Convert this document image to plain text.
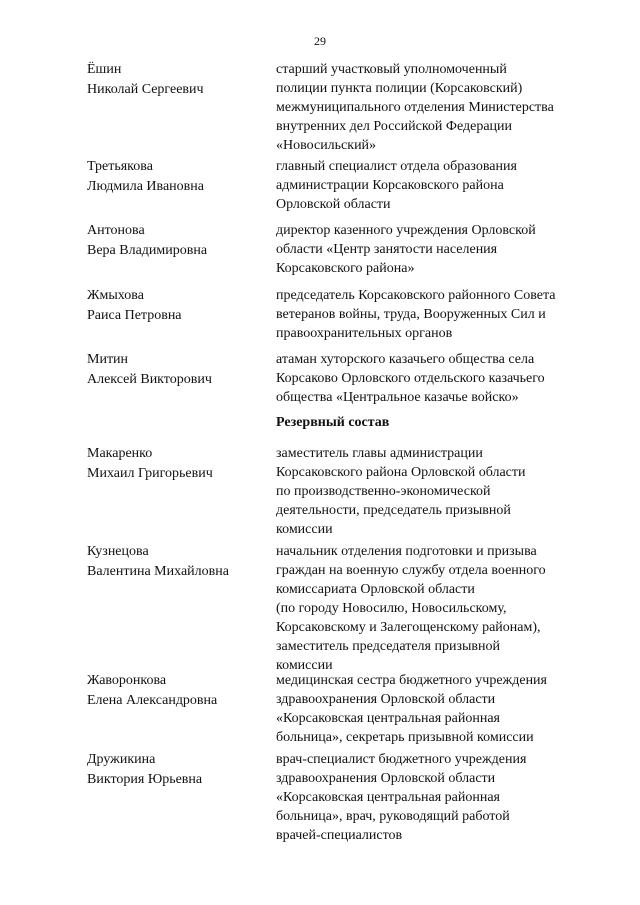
29
Ёшин
Николай Сергеевич
старший участковый уполномоченный
полиции пункта полиции (Корсаковский)
межмуниципального отделения Министерства
внутренних дел Российской Федерации
«Новосильский»
Третьякова
Людмила Ивановна
главный специалист отдела образования
администрации Корсаковского района
Орловской области
Антонова
Вера Владимировна
директор казенного учреждения Орловской
области «Центр занятости населения
Корсаковского района»
Жмыхова
Раиса Петровна
председатель Корсаковского районного Совета
ветеранов войны, труда, Вооруженных Сил и
правоохранительных органов
Митин
Алексей Викторович
атаман хуторского казачьего общества села
Корсаково Орловского отдельского казачьего
общества «Центральное казачье войско»
Резервный состав
Макаренко
Михаил Григорьевич
заместитель главы администрации
Корсаковского района Орловской области
по производственно-экономической
деятельности, председатель призывной
комиссии
Кузнецова
Валентина Михайловна
начальник отделения подготовки и призыва
граждан на военную службу отдела военного
комиссариата Орловской области
(по городу Новосилю, Новосильскому,
Корсаковскому и Залегощенскому районам),
заместитель председателя призывной
комиссии
Жаворонкова
Елена Александровна
медицинская сестра бюджетного учреждения
здравоохранения Орловской области
«Корсаковская центральная районная
больница», секретарь призывной комиссии
Дружикина
Виктория Юрьевна
врач-специалист бюджетного учреждения
здравоохранения Орловской области
«Корсаковская центральная районная
больница», врач, руководящий работой
врачей-специалистов
